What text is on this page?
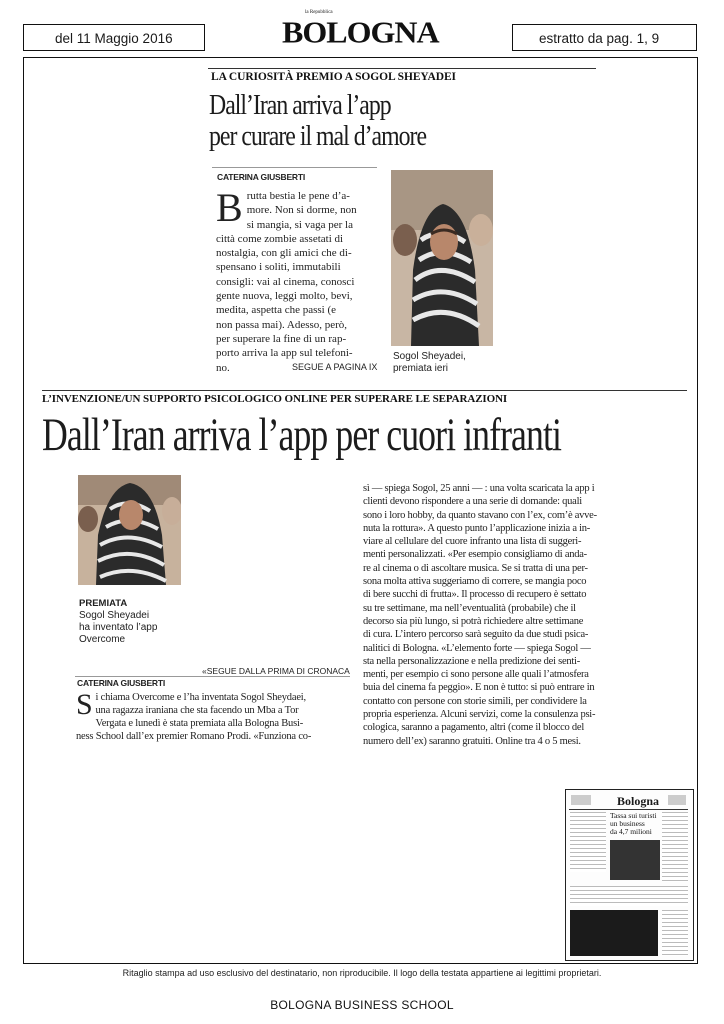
del 11 Maggio 2016
la Repubblica
BOLOGNA	estratto da pag. 1, 9
LA CURIOSITÀ PREMIO A SOGOL SHEYADEI
Dall’Iran arriva l’app
per curare il mal d’amore
CATERINA GIUSBERTI
B rutta bestia le pene d’a-
more. Non si dorme, non
si mangia, si vaga per la
città come zombie assetati di
nostalgia, con gli amici che di-
spensano i soliti, immutabili
consigli: vai al cinema, conosci
gente nuova, leggi molto, bevi,
medita, aspetta che passi (e
non passa mai). Adesso, però,
per superare la fine di un rap-
porto arriva la app sul telefoni-
no.	SEGUE A PAGINA IX
Sogol Sheyadei,
premiata ieri
L’INVENZIONE/UN SUPPORTO PSICOLOGICO ONLINE PER SUPERARE LE SEPARAZIONI
Dall’Iran arriva l’app per cuori infranti
PREMIATA
Sogol Sheyadei
ha inventato l’app
Overcome
«SEGUE DALLA PRIMA DI CRONACA
CATERINA GIUSBERTI
S i chiama Overcome e l’ha inventata Sogol Sheydaei,
una ragazza iraniana che sta facendo un Mba a Tor
Vergata e lunedì è stata premiata alla Bologna Busi-
ness School dall’ex premier Romano Prodi. «Funziona co-
sì — spiega Sogol, 25 anni — : una volta scaricata la app i
clienti devono rispondere a una serie di domande: quali
sono i loro hobby, da quanto stavano con l’ex, com’è avve-
nuta la rottura». A questo punto l’applicazione inizia a in-
viare al cellulare del cuore infranto una lista di suggeri-
menti personalizzati. «Per esempio consigliamo di anda-
re al cinema o di ascoltare musica. Se si tratta di una per-
sona molta attiva suggeriamo di correre, se mangia poco
di bere succhi di frutta». Il processo di recupero è settato
su tre settimane, ma nell’eventualità (probabile) che il
decorso sia più lungo, si potrà richiedere altre settimane
di cura. L’intero percorso sarà seguito da due studi psica-
nalitici di Bologna. «L’elemento forte — spiega Sogol —
sta nella personalizzazione e nella predizione dei senti-
menti, per esempio ci sono persone alle quali l’atmosfera
buia del cinema fa peggio». E non è tutto: si può entrare in
contatto con persone con storie simili, per condividere la
propria esperienza. Alcuni servizi, come la consulenza psi-
cologica, saranno a pagamento, altri (come il blocco del
numero dell’ex) saranno gratuiti. Online tra 4 o 5 mesi.
Bologna
Tassa sui turisti
un business
da 4,7 milioni
Ritaglio stampa ad uso esclusivo del destinatario, non riproducibile. Il logo della testata appartiene ai legittimi proprietari.
BOLOGNA BUSINESS SCHOOL
